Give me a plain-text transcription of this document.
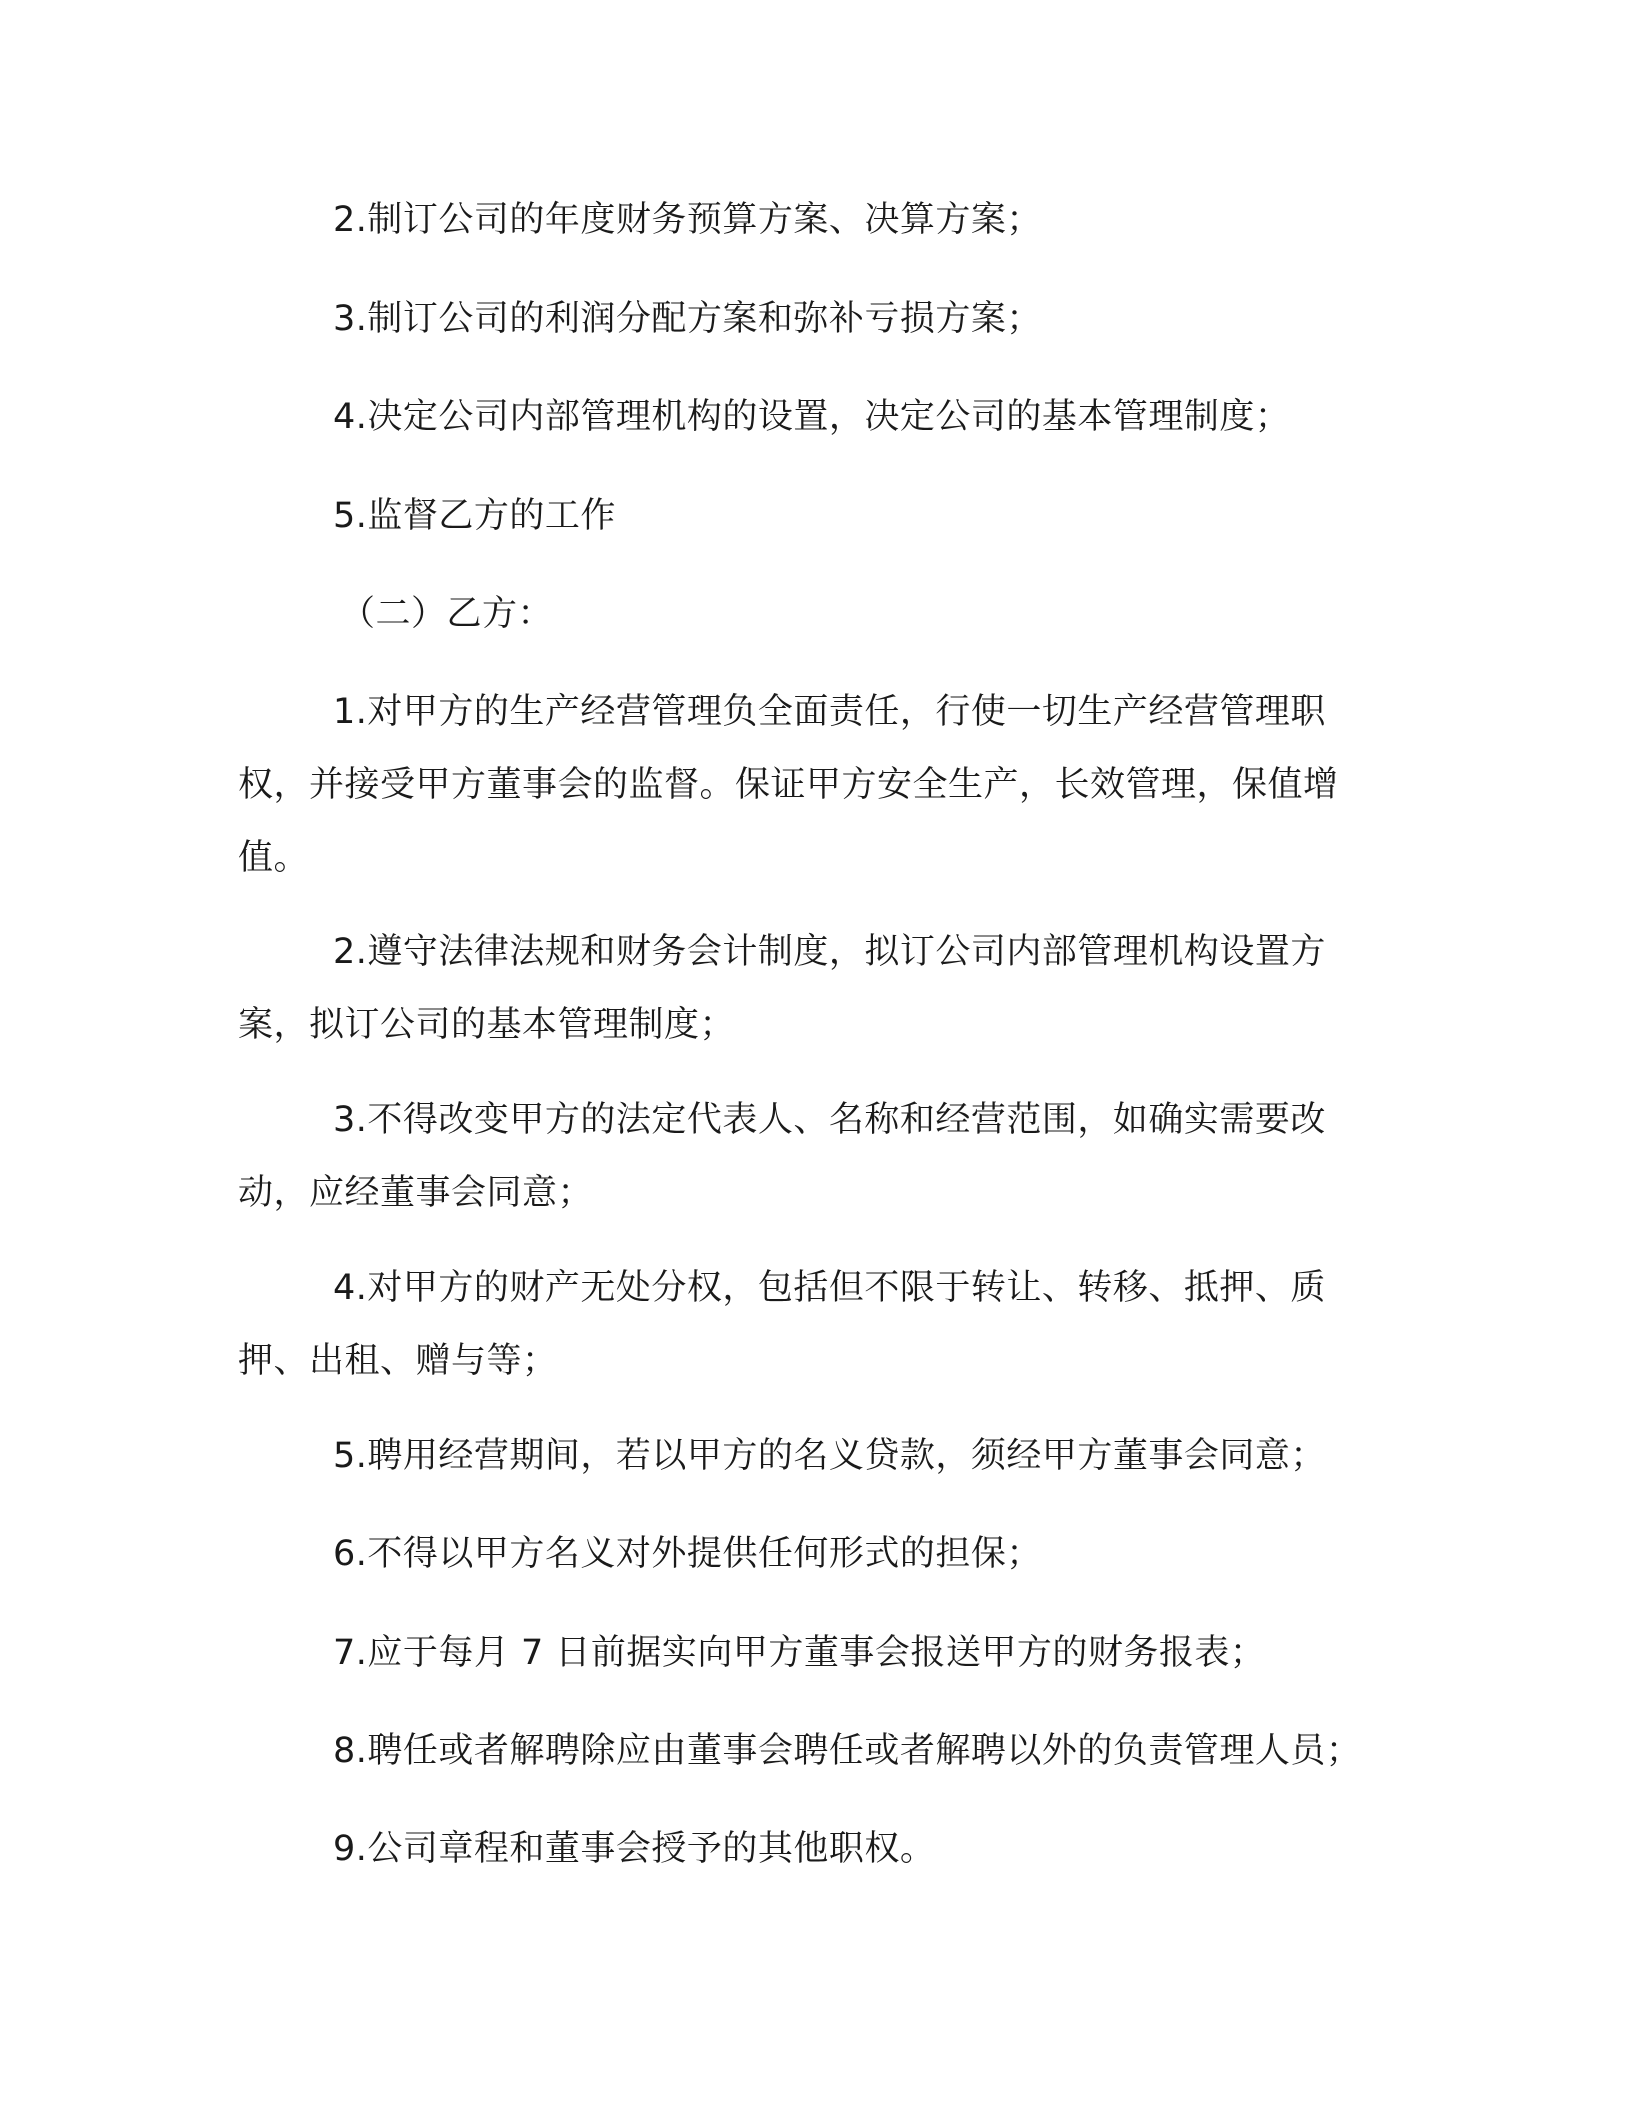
2.制订公司的年度财务预算方案、决算方案；
3.制订公司的利润分配方案和弥补亏损方案；
4.决定公司内部管理机构的设置，决定公司的基本管理制度；
5.监督乙方的工作
（二）乙方：
1.对甲方的生产经营管理负全面责任，行使一切生产经营管理职权，并接受甲方董事会的监督。保证甲方安全生产，长效管理，保值增值。
2.遵守法律法规和财务会计制度，拟订公司内部管理机构设置方案，拟订公司的基本管理制度；
3.不得改变甲方的法定代表人、名称和经营范围，如确实需要改动，应经董事会同意；
4.对甲方的财产无处分权，包括但不限于转让、转移、抵押、质押、出租、赠与等；
5.聘用经营期间，若以甲方的名义贷款，须经甲方董事会同意；
6.不得以甲方名义对外提供任何形式的担保；
7.应于每月 7 日前据实向甲方董事会报送甲方的财务报表；
8.聘任或者解聘除应由董事会聘任或者解聘以外的负责管理人员；
9.公司章程和董事会授予的其他职权。
